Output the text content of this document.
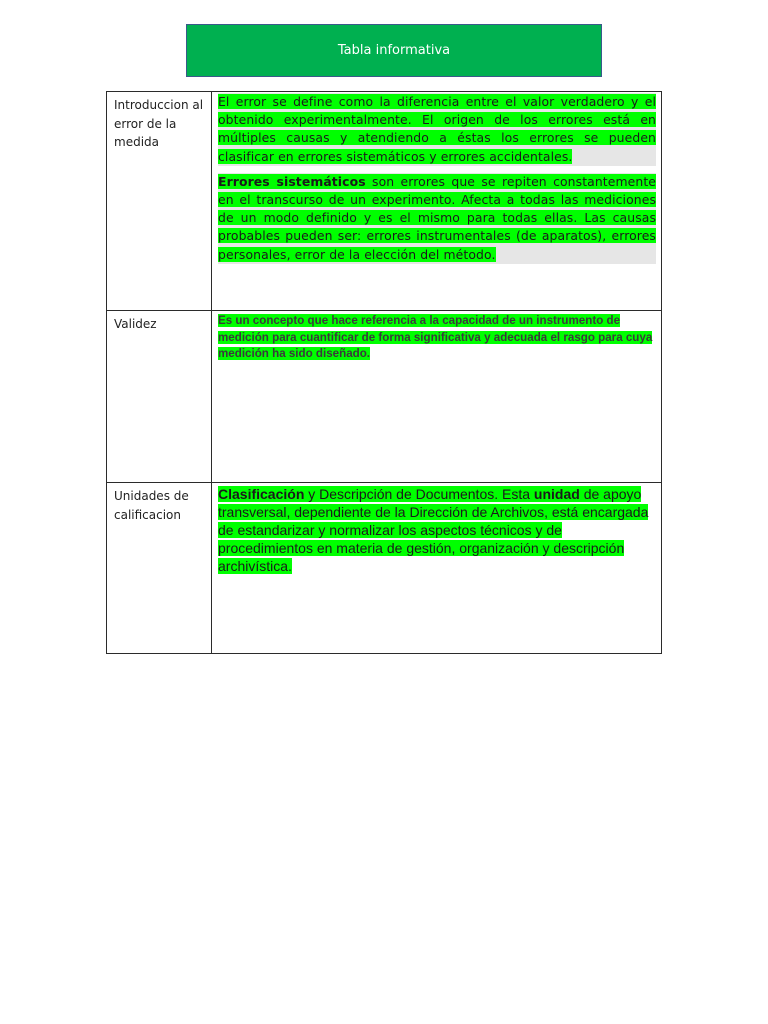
Tabla informativa
Introduccion al error de la medida	El error se define como la diferencia entre el valor verdadero y el obtenido experimentalmente. El origen de los errores está en múltiples causas y atendiendo a éstas los errores se pueden clasificar en errores sistemáticos y errores accidentales.

Errores sistemáticos son errores que se repiten constantemente en el transcurso de un experimento. Afecta a todas las mediciones de un modo definido y es el mismo para todas ellas. Las causas probables pueden ser: errores instrumentales (de aparatos), errores personales, error de la elección del método.

Validez	Es un concepto que hace referencia a la capacidad de un instrumento de medición para cuantificar de forma significativa y adecuada el rasgo para cuya medición ha sido diseñado.

Unidades de calificacion	Clasificación y Descripción de Documentos. Esta unidad de apoyo transversal, dependiente de la Dirección de Archivos, está encargada de estandarizar y normalizar los aspectos técnicos y de procedimientos en materia de gestión, organización y descripción archivística.
